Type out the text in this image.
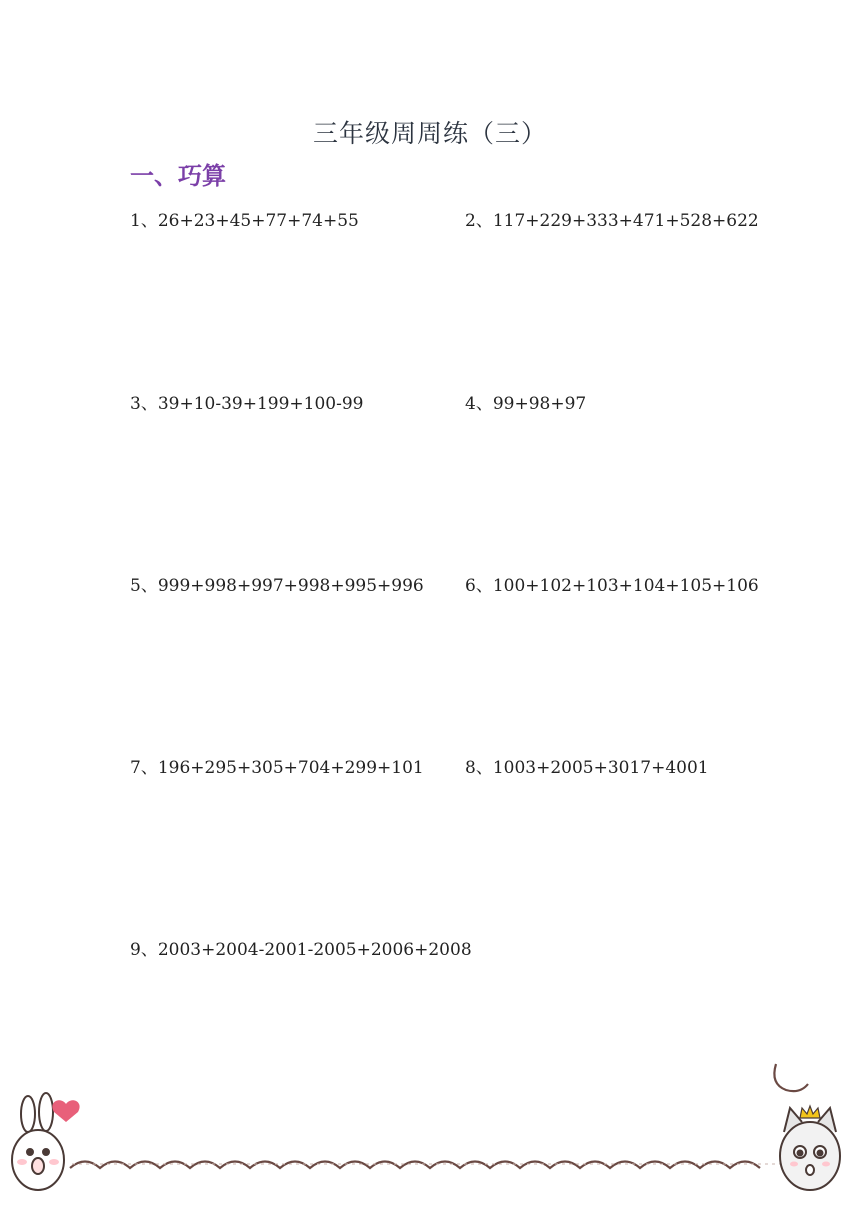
三年级周周练（三）
一、巧算
1、26+23+45+77+74+55	2、117+229+333+471+528+622
3、39+10-39+199+100-99	4、99+98+97
5、999+998+997+998+995+996 6、100+102+103+104+105+106
7、196+295+305+704+299+101 8、1003+2005+3017+4001
9、2003+2004-2001-2005+2006+2008
